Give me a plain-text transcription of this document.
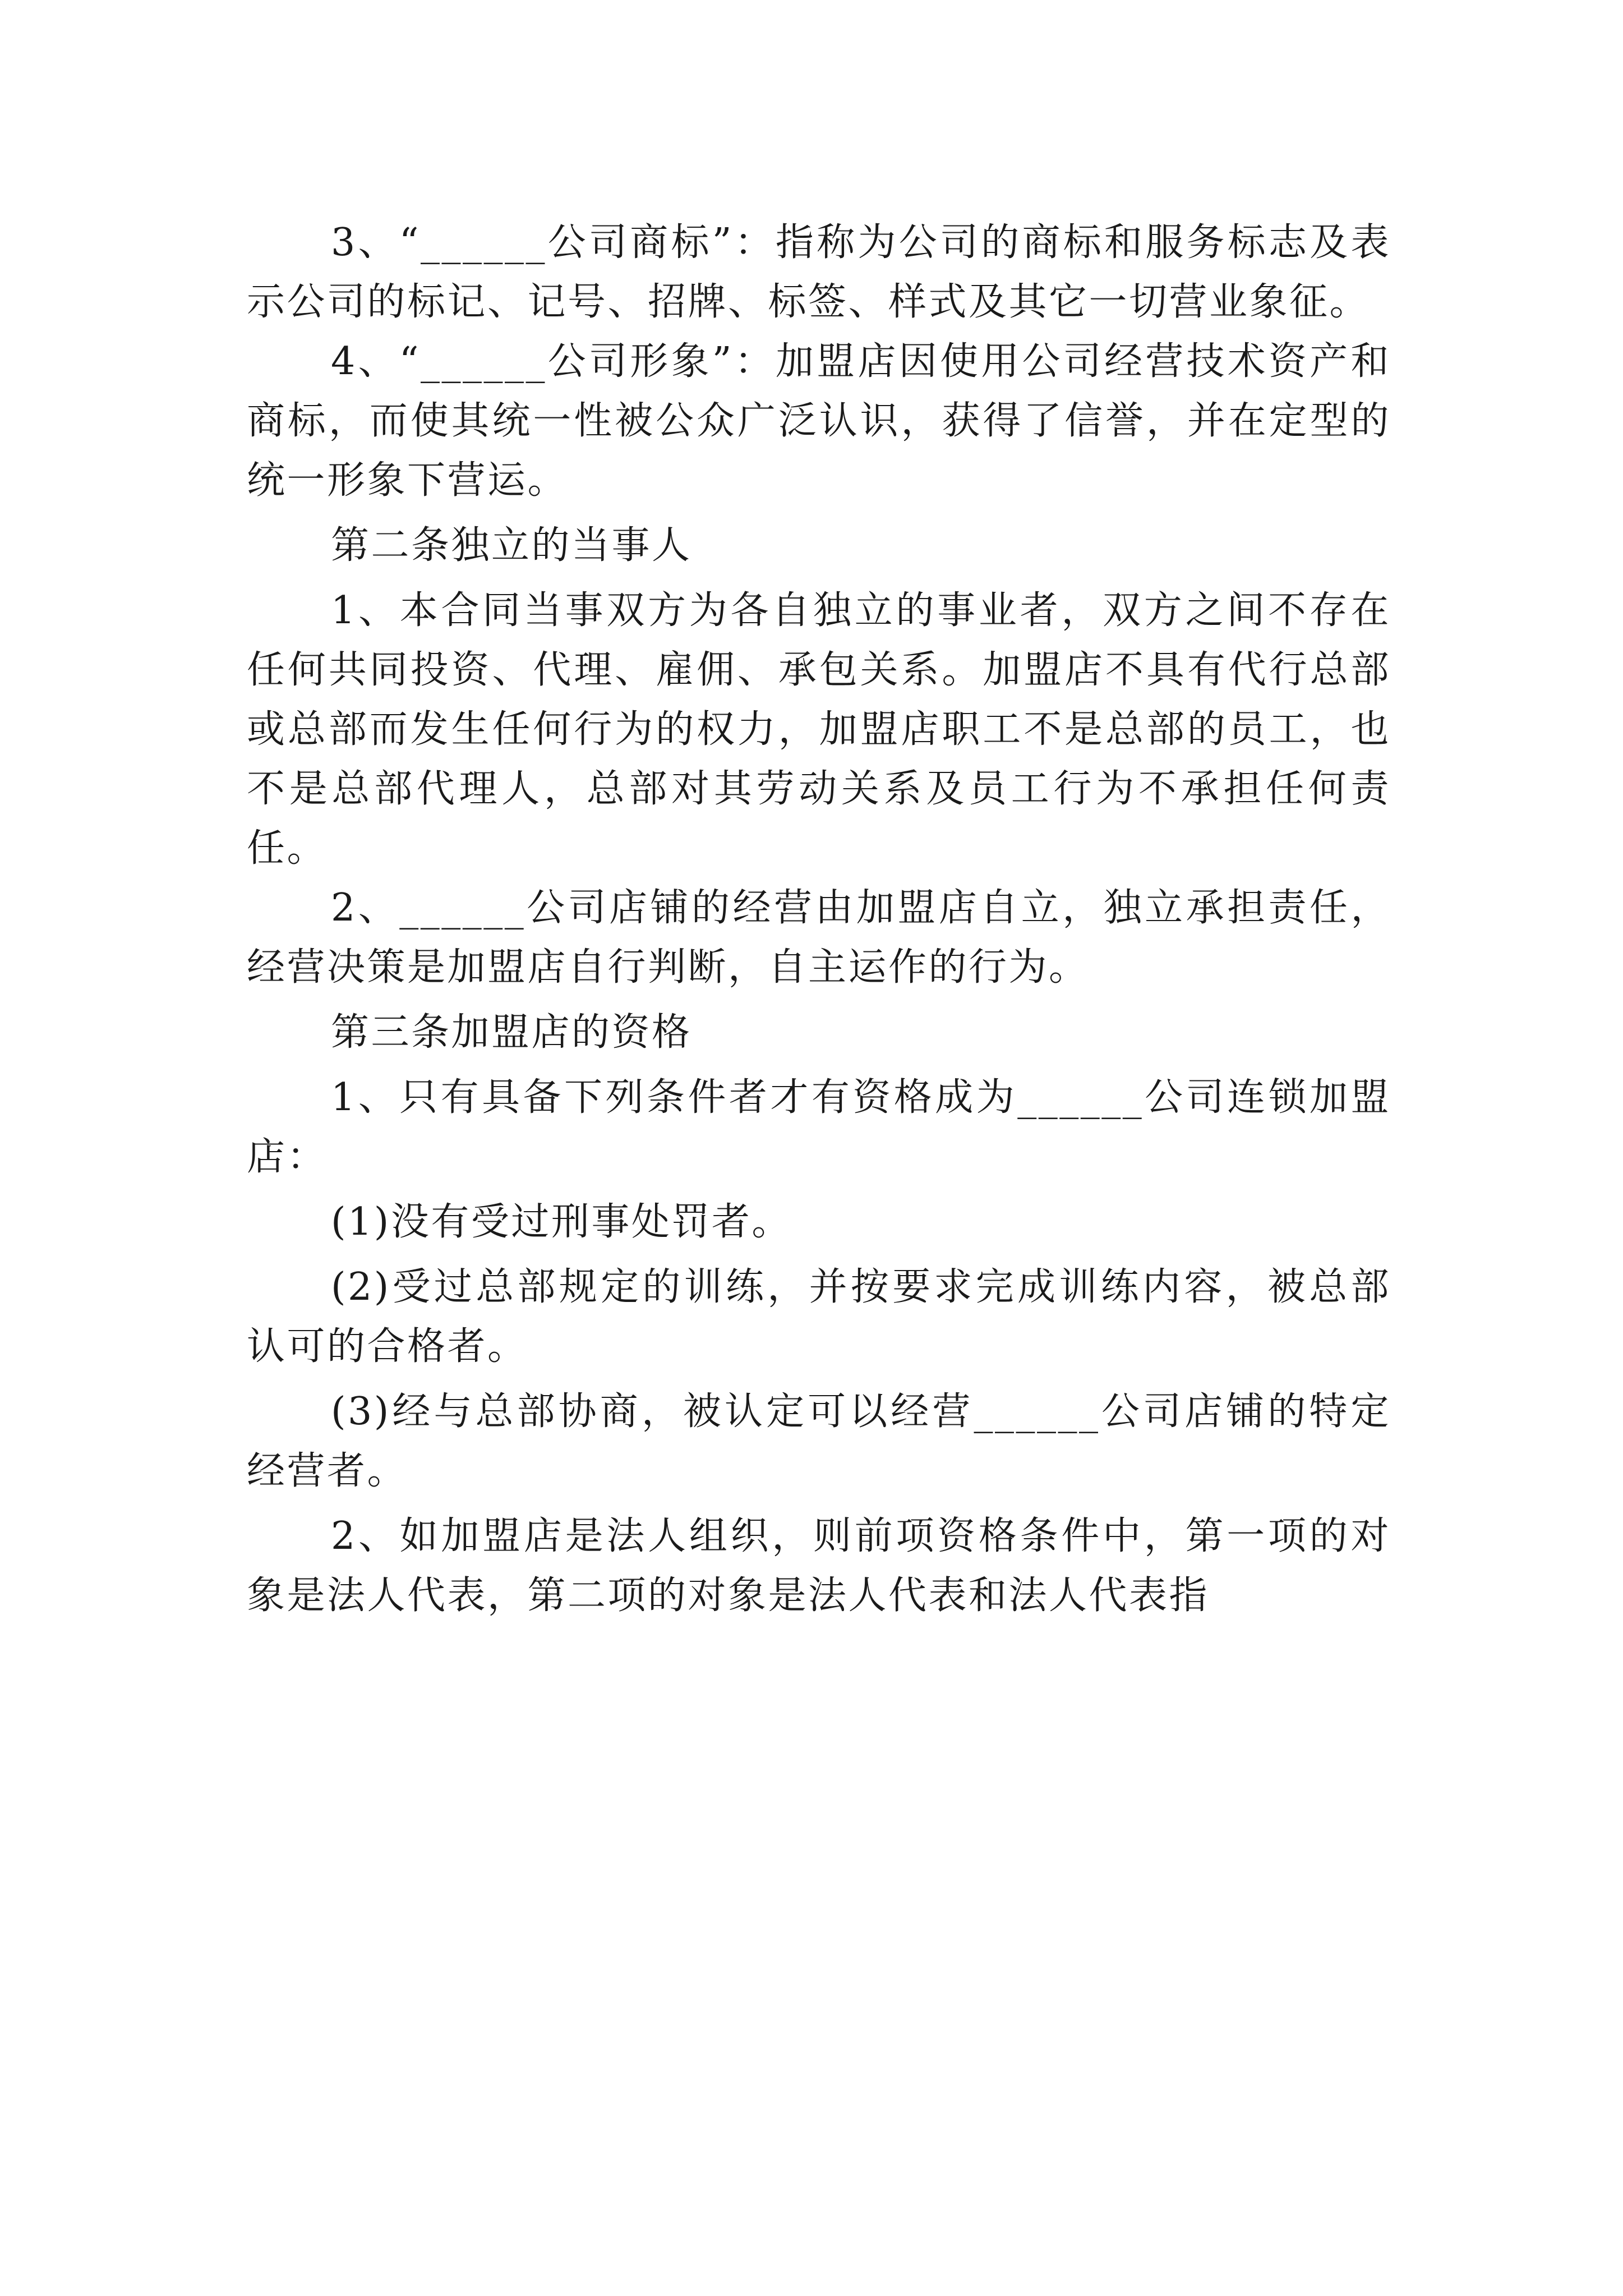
3、“______公司商标”：指称为公司的商标和服务标志及表示公司的标记、记号、招牌、标签、样式及其它一切营业象征。

4、“______公司形象”：加盟店因使用公司经营技术资产和商标，而使其统一性被公众广泛认识，获得了信誉，并在定型的统一形象下营运。

第二条独立的当事人

1、本合同当事双方为各自独立的事业者，双方之间不存在任何共同投资、代理、雇佣、承包关系。加盟店不具有代行总部或总部而发生任何行为的权力，加盟店职工不是总部的员工，也不是总部代理人，总部对其劳动关系及员工行为不承担任何责任。

2、______公司店铺的经营由加盟店自立，独立承担责任，经营决策是加盟店自行判断，自主运作的行为。

第三条加盟店的资格

1、只有具备下列条件者才有资格成为______公司连锁加盟店：

(1)没有受过刑事处罚者。

(2)受过总部规定的训练，并按要求完成训练内容，被总部认可的合格者。

(3)经与总部协商，被认定可以经营______公司店铺的特定经营者。

2、如加盟店是法人组织，则前项资格条件中，第一项的对象是法人代表，第二项的对象是法人代表和法人代表指
